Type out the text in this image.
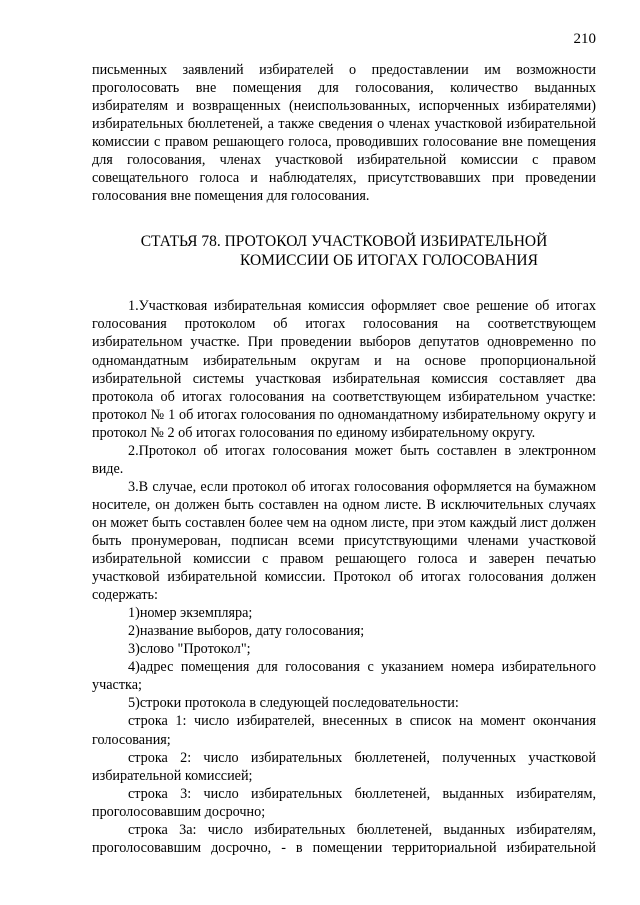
210

письменных заявлений избирателей о предоставлении им возможности проголосовать вне помещения для голосования, количество выданных избирателям и возвращенных (неиспользованных, испорченных избирателями) избирательных бюллетеней, а также сведения о членах участковой избирательной комиссии с правом решающего голоса, проводивших голосование вне помещения для голосования, членах участковой избирательной комиссии с правом совещательного голоса и наблюдателях, присутствовавших при проведении голосования вне помещения для голосования.

СТАТЬЯ 78. ПРОТОКОЛ УЧАСТКОВОЙ ИЗБИРАТЕЛЬНОЙ
КОМИССИИ ОБ ИТОГАХ ГОЛОСОВАНИЯ

1.Участковая избирательная комиссия оформляет свое решение об итогах голосования протоколом об итогах голосования на соответствующем избирательном участке. При проведении выборов депутатов одновременно по одномандатным избирательным округам и на основе пропорциональной избирательной системы участковая избирательная комиссия составляет два протокола об итогах голосования на соответствующем избирательном участке: протокол № 1 об итогах голосования по одномандатному избирательному округу и протокол № 2 об итогах голосования по единому избирательному округу.

2.Протокол об итогах голосования может быть составлен в электронном виде.

3.В случае, если протокол об итогах голосования оформляется на бумажном носителе, он должен быть составлен на одном листе. В исключительных случаях он может быть составлен более чем на одном листе, при этом каждый лист должен быть пронумерован, подписан всеми присутствующими членами участковой избирательной комиссии с правом решающего голоса и заверен печатью участковой избирательной комиссии. Протокол об итогах голосования должен содержать:

1)номер экземпляра;

2)название выборов, дату голосования;

3)слово "Протокол";

4)адрес помещения для голосования с указанием номера избирательного участка;

5)строки протокола в следующей последовательности:

строка 1: число избирателей, внесенных в список на момент окончания голосования;

строка 2: число избирательных бюллетеней, полученных участковой избирательной комиссией;

строка 3: число избирательных бюллетеней, выданных избирателям, проголосовавшим досрочно;

строка 3а: число избирательных бюллетеней, выданных избирателям, проголосовавшим досрочно, - в помещении территориальной избирательной
